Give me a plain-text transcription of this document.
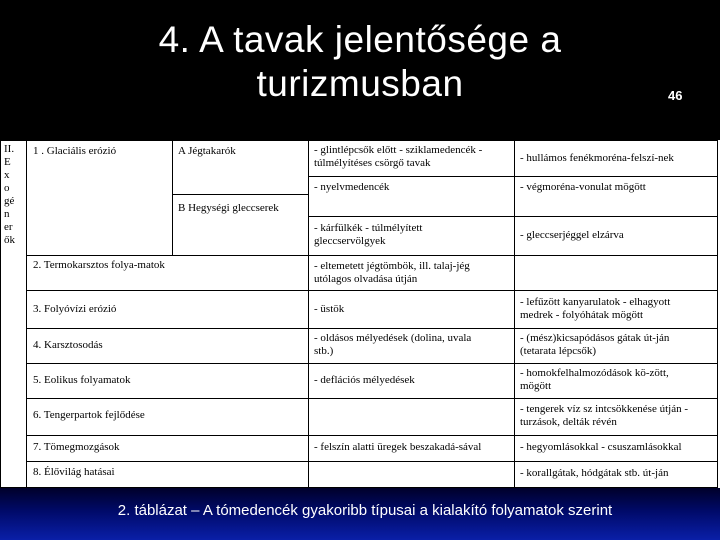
4. A tavak jelentősége a
turizmusban	46
II.
E
x
o
gé
n
er
ők
1 . Glaciális erózió	A Jégtakarók
B Hegységi gleccserek
2. Termokarsztos folya-matok
3. Folyóvízi erózió
4. Karsztosodás
5. Eolikus folyamatok
6. Tengerpartok fejlődése
7. Tömegmozgások
8. Élővilág hatásai
- glintlépcsők előtt - sziklamedencék -
túlmélyítéses csörgő tavak
- nyelvmedencék
- kárfülkék - túlmélyített
gleccservölgyek
- eltemetett jégtömbök, ill. talaj-jég
utólagos olvadása útján
- üstök
- oldásos mélyedések (dolina, uvala
stb.)
- deflációs mélyedések
- felszín alatti üregek beszakadá-sával
- hullámos fenékmoréna-felszí-nek
- végmoréna-vonulat mögött
- gleccserjéggel elzárva
- lefűzött kanyarulatok - elhagyott
medrek - folyóhátak mögött
- (mész)kicsapódásos gátak út-ján
(tetarata lépcsők)
- homokfelhalmozódások kö-zött,
mögött
- tengerek víz sz intcsökkenése útján -
turzások, delták révén
- hegyomlásokkal - csuszamlásokkal
- korallgátak, hódgátak stb. út-ján
2. táblázat – A tómedencék gyakoribb típusai a kialakító folyamatok szerint
